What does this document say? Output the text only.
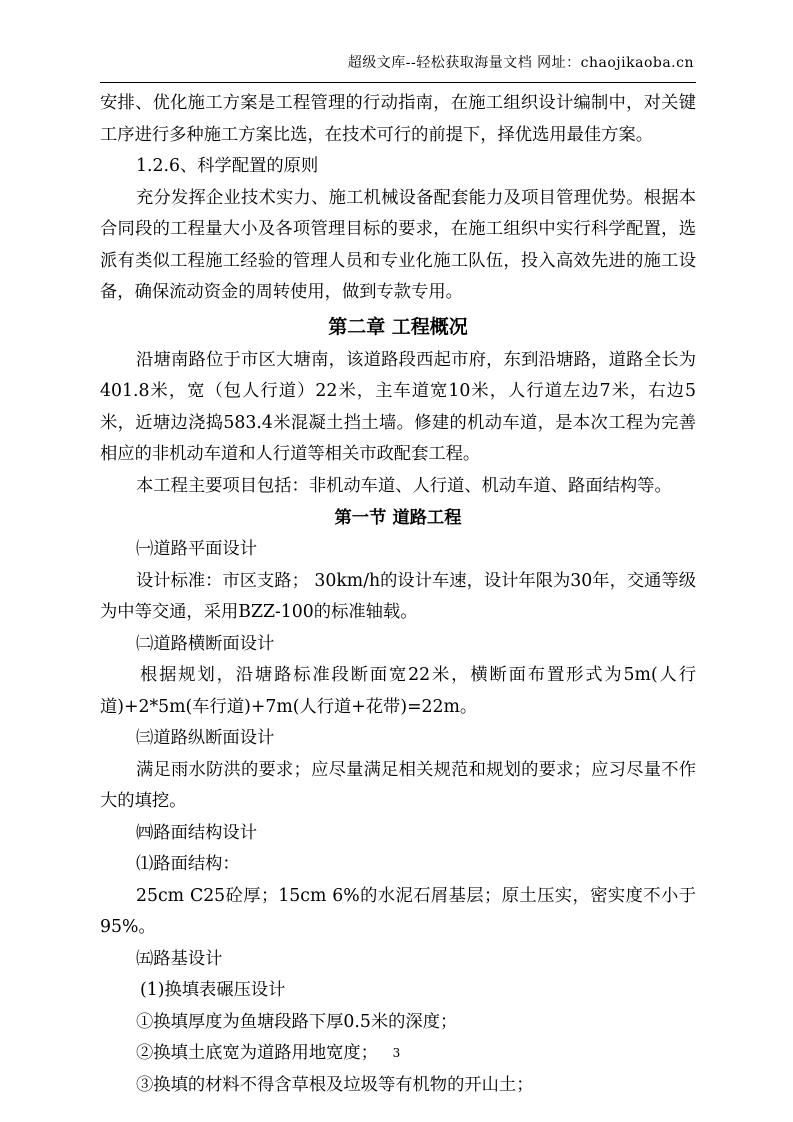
超级文库--轻松获取海量文档 网址：chaojikaoba.cn

安排、优化施工方案是工程管理的行动指南，在施工组织设计编制中，对关键工序进行多种施工方案比选，在技术可行的前提下，择优选用最佳方案。

1.2.6、科学配置的原则

充分发挥企业技术实力、施工机械设备配套能力及项目管理优势。根据本合同段的工程量大小及各项管理目标的要求，在施工组织中实行科学配置，选派有类似工程施工经验的管理人员和专业化施工队伍，投入高效先进的施工设备，确保流动资金的周转使用，做到专款专用。

第二章 工程概况

沿塘南路位于市区大塘南，该道路段西起市府，东到沿塘路，道路全长为401.8米，宽（包人行道）22米，主车道宽10米，人行道左边7米，右边5米，近塘边浇捣583.4米混凝土挡土墙。修建的机动车道，是本次工程为完善相应的非机动车道和人行道等相关市政配套工程。

本工程主要项目包括：非机动车道、人行道、机动车道、路面结构等。

第一节 道路工程

㈠道路平面设计

设计标准：市区支路； 30km/h的设计车速，设计年限为30年，交通等级为中等交通，采用BZZ-100的标准轴载。

㈡道路横断面设计

根据规划，沿塘路标准段断面宽22米，横断面布置形式为5m(人行道)+2*5m(车行道)+7m(人行道+花带)=22m。

㈢道路纵断面设计

满足雨水防洪的要求；应尽量满足相关规范和规划的要求；应习尽量不作大的填挖。

㈣路面结构设计

⑴路面结构：

25cm C25砼厚；15cm 6%的水泥石屑基层；原土压实，密实度不小于95%。

㈤路基设计

(1)换填表碾压设计

①换填厚度为鱼塘段路下厚0.5米的深度；

②换填土底宽为道路用地宽度；

③换填的材料不得含草根及垃圾等有机物的开山土；

3
